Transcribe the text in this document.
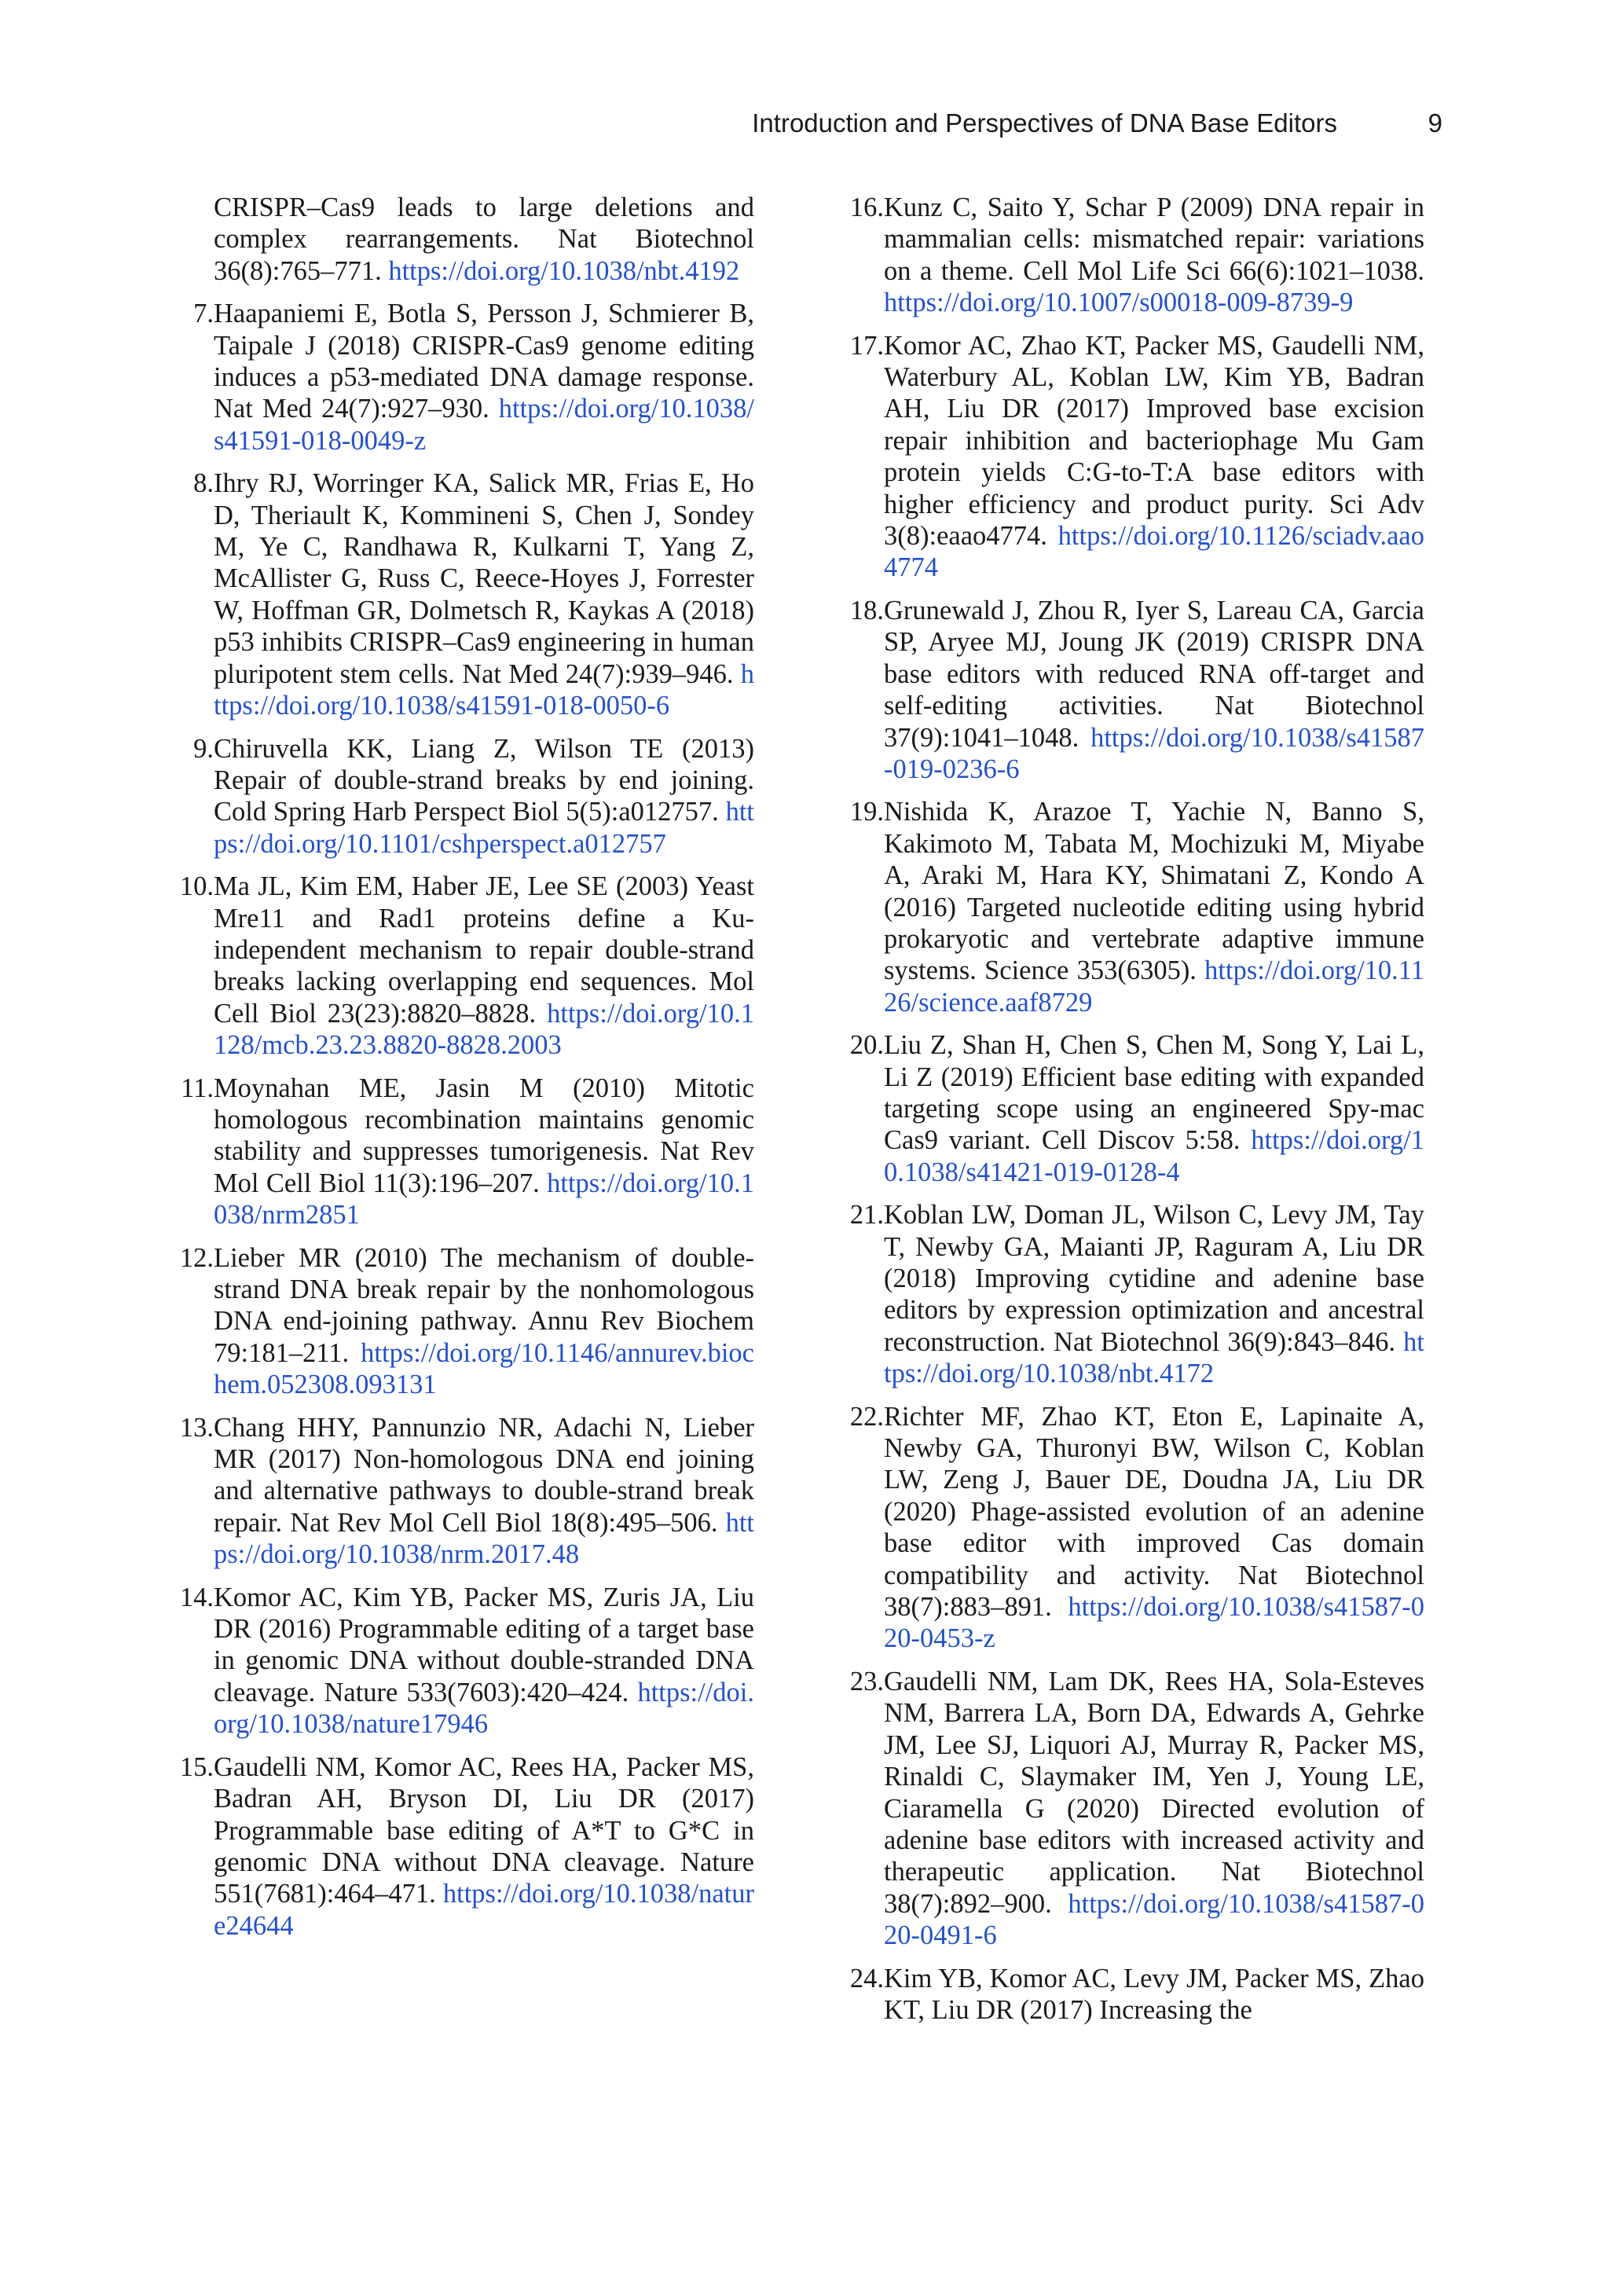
Introduction and Perspectives of DNA Base Editors	9
CRISPR–Cas9 leads to large deletions and complex rearrangements. Nat Biotechnol 36(8):765–771. https://doi.org/10.1038/nbt.4192
7. Haapaniemi E, Botla S, Persson J, Schmierer B, Taipale J (2018) CRISPR-Cas9 genome editing induces a p53-mediated DNA damage response. Nat Med 24(7):927–930. https://doi.org/10.1038/s41591-018-0049-z
8. Ihry RJ, Worringer KA, Salick MR, Frias E, Ho D, Theriault K, Kommineni S, Chen J, Sondey M, Ye C, Randhawa R, Kulkarni T, Yang Z, McAllister G, Russ C, Reece-Hoyes J, Forrester W, Hoffman GR, Dolmetsch R, Kaykas A (2018) p53 inhibits CRISPR–Cas9 engineering in human pluripotent stem cells. Nat Med 24(7):939–946. https://doi.org/10.1038/s41591-018-0050-6
9. Chiruvella KK, Liang Z, Wilson TE (2013) Repair of double-strand breaks by end joining. Cold Spring Harb Perspect Biol 5(5):a012757. https://doi.org/10.1101/cshperspect.a012757
10. Ma JL, Kim EM, Haber JE, Lee SE (2003) Yeast Mre11 and Rad1 proteins define a Ku-independent mechanism to repair double-strand breaks lacking overlapping end sequences. Mol Cell Biol 23(23):8820–8828. https://doi.org/10.1128/mcb.23.23.8820-8828.2003
11. Moynahan ME, Jasin M (2010) Mitotic homologous recombination maintains genomic stability and suppresses tumorigenesis. Nat Rev Mol Cell Biol 11(3):196–207. https://doi.org/10.1038/nrm2851
12. Lieber MR (2010) The mechanism of double-strand DNA break repair by the nonhomologous DNA end-joining pathway. Annu Rev Biochem 79:181–211. https://doi.org/10.1146/annurev.biochem.052308.093131
13. Chang HHY, Pannunzio NR, Adachi N, Lieber MR (2017) Non-homologous DNA end joining and alternative pathways to double-strand break repair. Nat Rev Mol Cell Biol 18(8):495–506. https://doi.org/10.1038/nrm.2017.48
14. Komor AC, Kim YB, Packer MS, Zuris JA, Liu DR (2016) Programmable editing of a target base in genomic DNA without double-stranded DNA cleavage. Nature 533(7603):420–424. https://doi.org/10.1038/nature17946
15. Gaudelli NM, Komor AC, Rees HA, Packer MS, Badran AH, Bryson DI, Liu DR (2017) Programmable base editing of A*T to G*C in genomic DNA without DNA cleavage. Nature 551(7681):464–471. https://doi.org/10.1038/nature24644
16. Kunz C, Saito Y, Schar P (2009) DNA repair in mammalian cells: mismatched repair: variations on a theme. Cell Mol Life Sci 66(6):1021–1038. https://doi.org/10.1007/s00018-009-8739-9
17. Komor AC, Zhao KT, Packer MS, Gaudelli NM, Waterbury AL, Koblan LW, Kim YB, Badran AH, Liu DR (2017) Improved base excision repair inhibition and bacteriophage Mu Gam protein yields C:G-to-T:A base editors with higher efficiency and product purity. Sci Adv 3(8):eaao4774. https://doi.org/10.1126/sciadv.aao4774
18. Grunewald J, Zhou R, Iyer S, Lareau CA, Garcia SP, Aryee MJ, Joung JK (2019) CRISPR DNA base editors with reduced RNA off-target and self-editing activities. Nat Biotechnol 37(9):1041–1048. https://doi.org/10.1038/s41587-019-0236-6
19. Nishida K, Arazoe T, Yachie N, Banno S, Kakimoto M, Tabata M, Mochizuki M, Miyabe A, Araki M, Hara KY, Shimatani Z, Kondo A (2016) Targeted nucleotide editing using hybrid prokaryotic and vertebrate adaptive immune systems. Science 353(6305). https://doi.org/10.1126/science.aaf8729
20. Liu Z, Shan H, Chen S, Chen M, Song Y, Lai L, Li Z (2019) Efficient base editing with expanded targeting scope using an engineered Spy-mac Cas9 variant. Cell Discov 5:58. https://doi.org/10.1038/s41421-019-0128-4
21. Koblan LW, Doman JL, Wilson C, Levy JM, Tay T, Newby GA, Maianti JP, Raguram A, Liu DR (2018) Improving cytidine and adenine base editors by expression optimization and ancestral reconstruction. Nat Biotechnol 36(9):843–846. https://doi.org/10.1038/nbt.4172
22. Richter MF, Zhao KT, Eton E, Lapinaite A, Newby GA, Thuronyi BW, Wilson C, Koblan LW, Zeng J, Bauer DE, Doudna JA, Liu DR (2020) Phage-assisted evolution of an adenine base editor with improved Cas domain compatibility and activity. Nat Biotechnol 38(7):883–891. https://doi.org/10.1038/s41587-020-0453-z
23. Gaudelli NM, Lam DK, Rees HA, Sola-Esteves NM, Barrera LA, Born DA, Edwards A, Gehrke JM, Lee SJ, Liquori AJ, Murray R, Packer MS, Rinaldi C, Slaymaker IM, Yen J, Young LE, Ciaramella G (2020) Directed evolution of adenine base editors with increased activity and therapeutic application. Nat Biotechnol 38(7):892–900. https://doi.org/10.1038/s41587-020-0491-6
24. Kim YB, Komor AC, Levy JM, Packer MS, Zhao KT, Liu DR (2017) Increasing the
